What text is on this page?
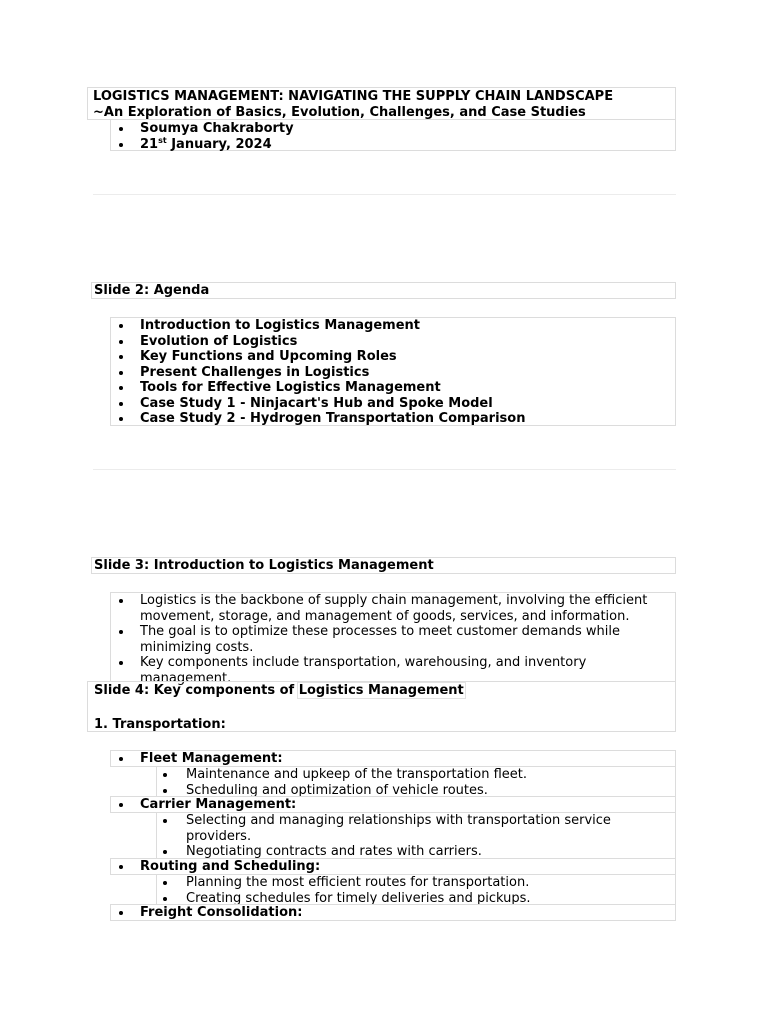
LOGISTICS MANAGEMENT: NAVIGATING THE SUPPLY CHAIN LANDSCAPE
~An Exploration of Basics, Evolution, Challenges, and Case Studies
Soumya Chakraborty
21st January, 2024
Slide 2: Agenda
Introduction to Logistics Management
Evolution of Logistics
Key Functions and Upcoming Roles
Present Challenges in Logistics
Tools for Effective Logistics Management
Case Study 1 - Ninjacart's Hub and Spoke Model
Case Study 2 - Hydrogen Transportation Comparison
Slide 3: Introduction to Logistics Management
Logistics is the backbone of supply chain management, involving the efficient movement, storage, and management of goods, services, and information.
The goal is to optimize these processes to meet customer demands while minimizing costs.
Key components include transportation, warehousing, and inventory management.
Slide 4: Key components of Logistics Management
1. Transportation:
Fleet Management:
Maintenance and upkeep of the transportation fleet.
Scheduling and optimization of vehicle routes.
Carrier Management:
Selecting and managing relationships with transportation service providers.
Negotiating contracts and rates with carriers.
Routing and Scheduling:
Planning the most efficient routes for transportation.
Creating schedules for timely deliveries and pickups.
Freight Consolidation:
